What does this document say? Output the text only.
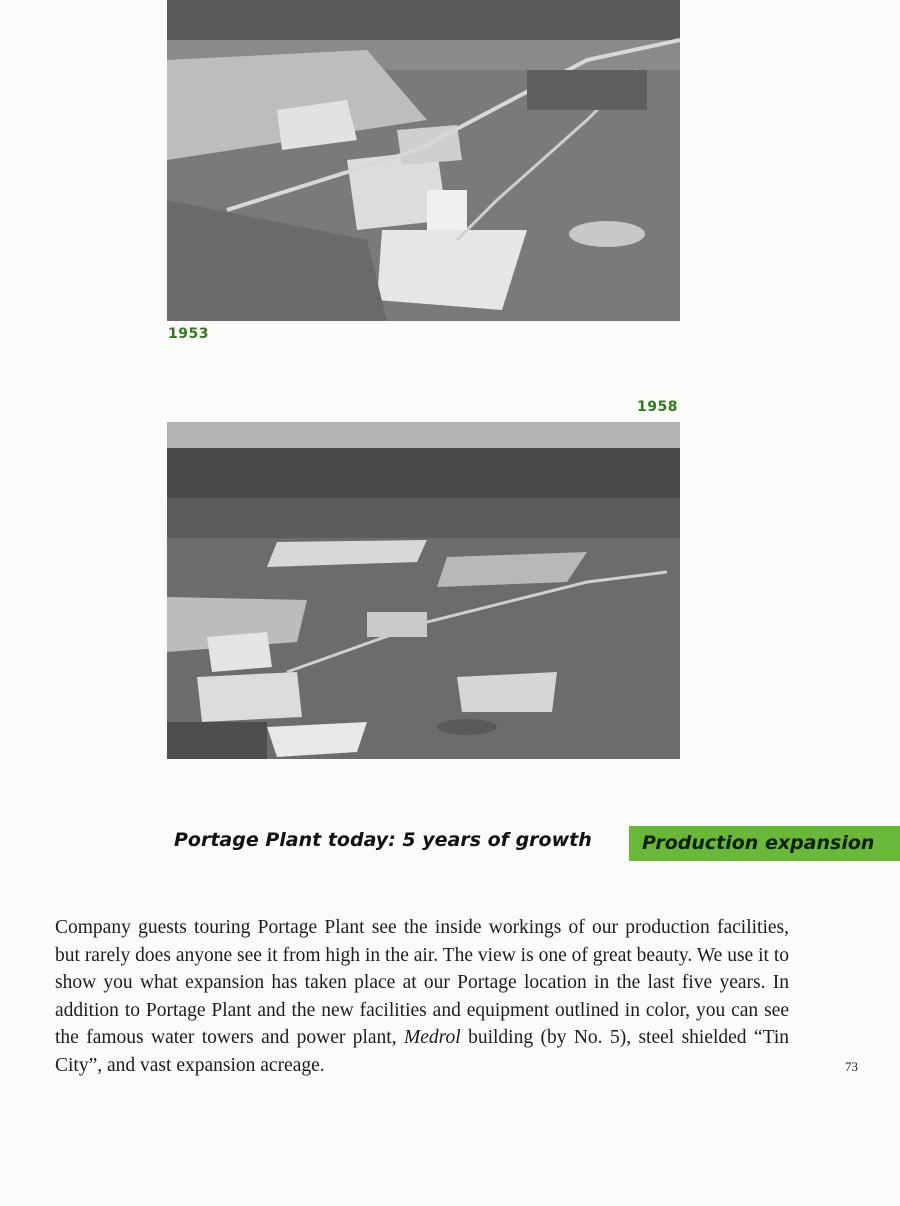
1953
1958
Portage Plant today: 5 years of growth	Production expansion
Company guests touring Portage Plant see the inside workings of our production facilities, but rarely does anyone see it from high in the air. The view is one of great beauty. We use it to show you what expansion has taken place at our Portage location in the last five years. In addition to Portage Plant and the new facilities and equipment outlined in color, you can see the famous water towers and power plant, Medrol building (by No. 5), steel shielded “Tin City”, and vast expansion acreage.	73
